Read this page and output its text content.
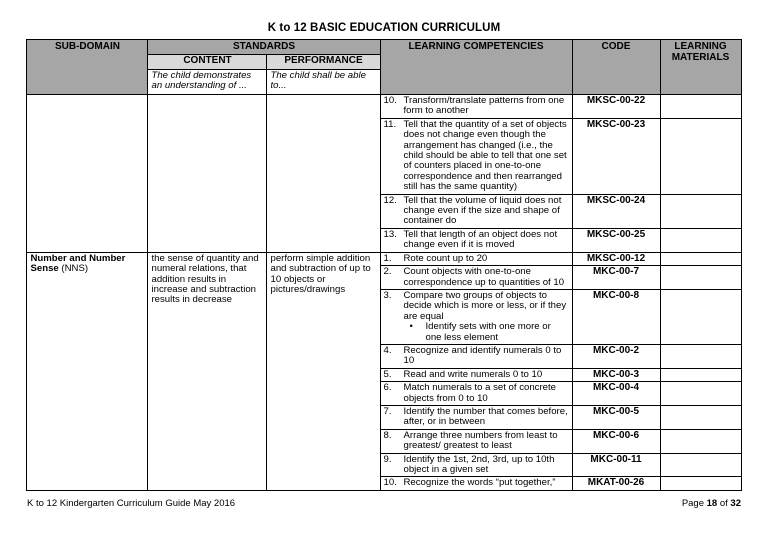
K to 12 BASIC EDUCATION CURRICULUM
SUB-DOMAIN	STANDARDS		LEARNING COMPETENCIES	CODE	LEARNING MATERIALS
	CONTENT	PERFORMANCE			
	The child demonstrates an understanding of ...	The child shall be able to...			

			10. Transform/translate patterns from one form to another	MKSC-00-22	

			11. Tell that the quantity of a set of objects does not change even though the arrangement has changed (i.e., the child should be able to tell that one set of counters placed in one-to-one correspondence and then rearranged still has the same quantity)	MKSC-00-23	

			12. Tell that the volume of liquid does not change even if the size and shape of container do	MKSC-00-24	

			13. Tell that length of an object does not change even if it is moved	MKSC-00-25	
Number and Number Sense (NNS)	the sense of quantity and numeral relations, that addition results in increase and subtraction results in decrease	perform simple addition and subtraction of up to 10 objects or pictures/drawings	1. Rote count up to 20	MKSC-00-12	

			2. Count objects with one-to-one correspondence up to quantities of 10	MKC-00-7	

			3. Compare two groups of objects to decide which is more or less, or if they are equal
• Identify sets with one more or one less element	MKC-00-8	

			4. Recognize and identify numerals 0 to 10	MKC-00-2	

			5. Read and write numerals 0 to 10	MKC-00-3	

			6. Match numerals to a set of concrete objects from 0 to 10	MKC-00-4	

			7. Identify the number that comes before, after, or in between	MKC-00-5	

			8. Arrange three numbers from least to greatest/ greatest to least	MKC-00-6	

			9. Identify the 1st, 2nd, 3rd, up to 10th object in a given set	MKC-00-11	

			10. Recognize the words “put together,”	MKAT-00-26	
K to 12 Kindergarten Curriculum Guide May 2016	Page 18 of 32
